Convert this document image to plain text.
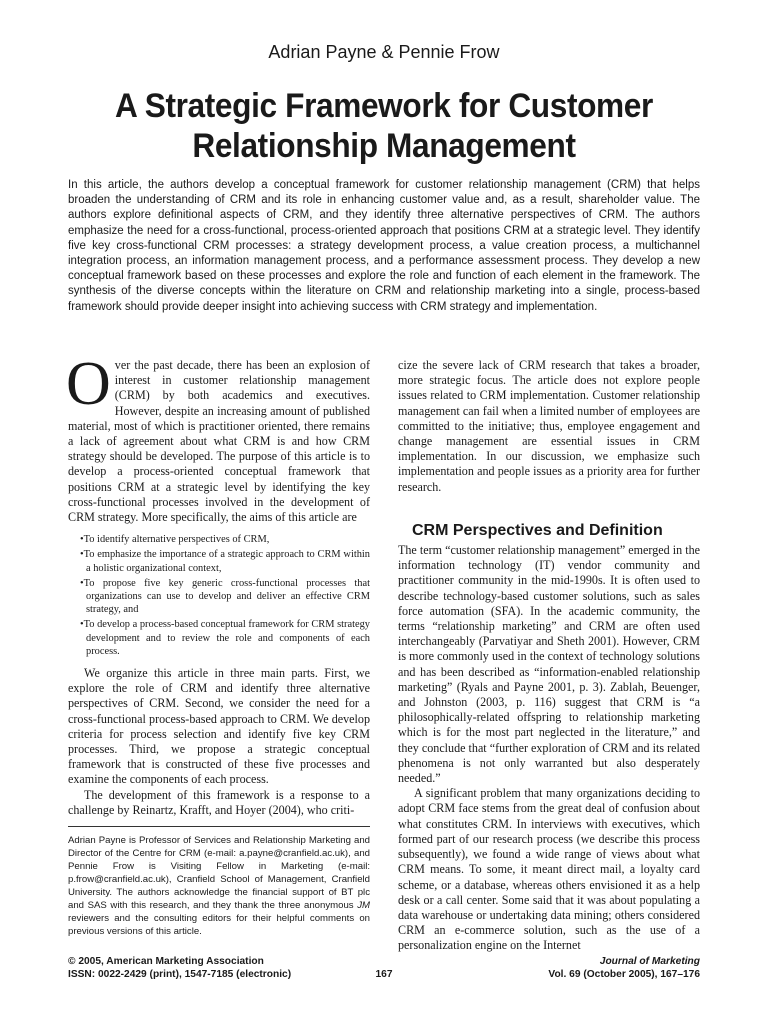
Adrian Payne & Pennie Frow
A Strategic Framework for Customer Relationship Management
In this article, the authors develop a conceptual framework for customer relationship management (CRM) that helps broaden the understanding of CRM and its role in enhancing customer value and, as a result, shareholder value. The authors explore definitional aspects of CRM, and they identify three alternative perspectives of CRM. The authors emphasize the need for a cross-functional, process-oriented approach that positions CRM at a strategic level. They identify five key cross-functional CRM processes: a strategy development process, a value creation process, a multichannel integration process, an information management process, and a performance assessment process. They develop a new conceptual framework based on these processes and explore the role and function of each element in the framework. The synthesis of the diverse concepts within the literature on CRM and relationship marketing into a single, process-based framework should provide deeper insight into achieving success with CRM strategy and implementation.

Over the past decade, there has been an explosion of interest in customer relationship management (CRM) by both academics and executives. However, despite an increasing amount of published material, most of which is practitioner oriented, there remains a lack of agreement about what CRM is and how CRM strategy should be developed. The purpose of this article is to develop a process-oriented conceptual framework that positions CRM at a strategic level by identifying the key cross-functional processes involved in the development of CRM strategy. More specifically, the aims of this article are

•To identify alternative perspectives of CRM,
•To emphasize the importance of a strategic approach to CRM within a holistic organizational context,
•To propose five key generic cross-functional processes that organizations can use to develop and deliver an effective CRM strategy, and
•To develop a process-based conceptual framework for CRM strategy development and to review the role and components of each process.

We organize this article in three main parts. First, we explore the role of CRM and identify three alternative perspectives of CRM. Second, we consider the need for a cross-functional process-based approach to CRM. We develop criteria for process selection and identify five key CRM processes. Third, we propose a strategic conceptual framework that is constructed of these five processes and examine the components of each process.

The development of this framework is a response to a challenge by Reinartz, Krafft, and Hoyer (2004), who criti-

Adrian Payne is Professor of Services and Relationship Marketing and Director of the Centre for CRM (e-mail: a.payne@cranfield.ac.uk), and Pennie Frow is Visiting Fellow in Marketing (e-mail: p.frow@cranfield.ac.uk), Cranfield School of Management, Cranfield University. The authors acknowledge the financial support of BT plc and SAS with this research, and they thank the three anonymous JM reviewers and the consulting editors for their helpful comments on previous versions of this article.

cize the severe lack of CRM research that takes a broader, more strategic focus. The article does not explore people issues related to CRM implementation. Customer relationship management can fail when a limited number of employees are committed to the initiative; thus, employee engagement and change management are essential issues in CRM implementation. In our discussion, we emphasize such implementation and people issues as a priority area for further research.

CRM Perspectives and Definition

The term “customer relationship management” emerged in the information technology (IT) vendor community and practitioner community in the mid-1990s. It is often used to describe technology-based customer solutions, such as sales force automation (SFA). In the academic community, the terms “relationship marketing” and CRM are often used interchangeably (Parvatiyar and Sheth 2001). However, CRM is more commonly used in the context of technology solutions and has been described as “information-enabled relationship marketing” (Ryals and Payne 2001, p. 3). Zablah, Beuenger, and Johnston (2003, p. 116) suggest that CRM is “a philosophically-related offspring to relationship marketing which is for the most part neglected in the literature,” and they conclude that “further exploration of CRM and its related phenomena is not only warranted but also desperately needed.”

A significant problem that many organizations deciding to adopt CRM face stems from the great deal of confusion about what constitutes CRM. In interviews with executives, which formed part of our research process (we describe this process subsequently), we found a wide range of views about what CRM means. To some, it meant direct mail, a loyalty card scheme, or a database, whereas others envisioned it as a help desk or a call center. Some said that it was about populating a data warehouse or undertaking data mining; others considered CRM an e-commerce solution, such as the use of a personalization engine on the Internet

© 2005, American Marketing Association
ISSN: 0022-2429 (print), 1547-7185 (electronic)	167
Journal of Marketing
Vol. 69 (October 2005), 167–176
